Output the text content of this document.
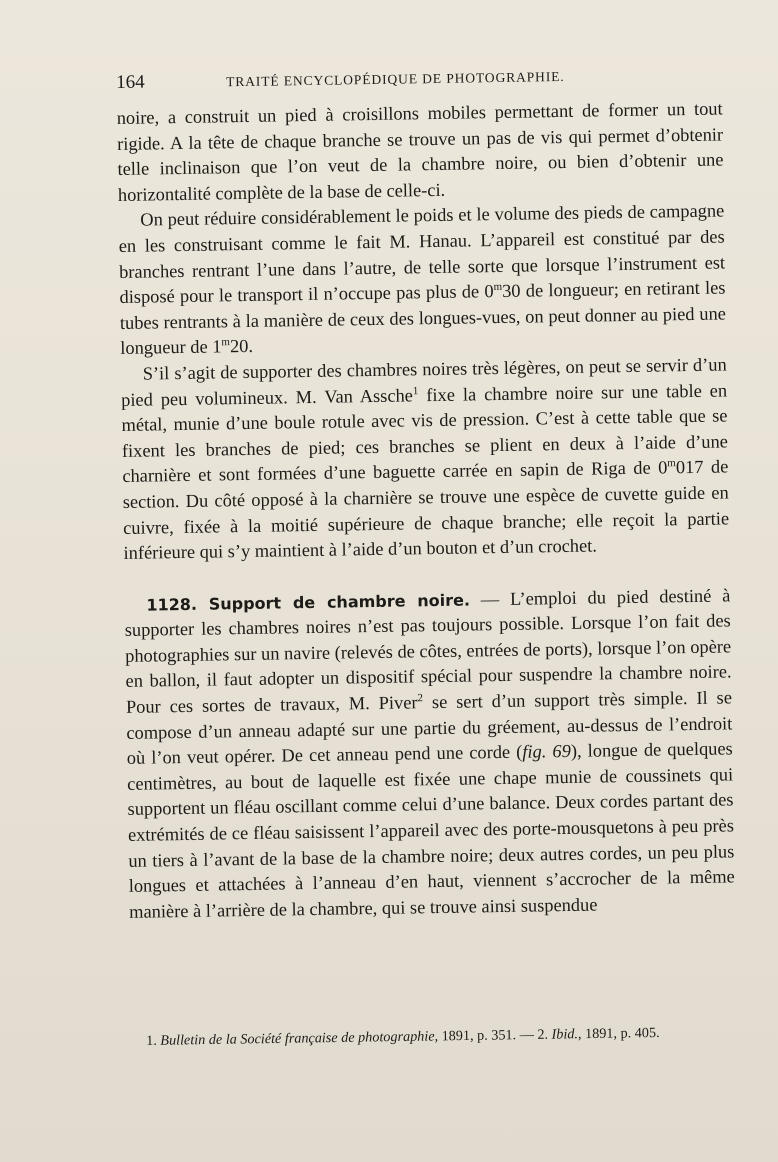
164	TRAITÉ ENCYCLOPÉDIQUE DE PHOTOGRAPHIE.

noire, a construit un pied à croisillons mobiles permettant de former un tout rigide. A la tête de chaque branche se trouve un pas de vis qui permet d’obtenir telle inclinaison que l’on veut de la chambre noire, ou bien d’obtenir une horizontalité complète de la base de celle-ci.

On peut réduire considérablement le poids et le volume des pieds de campagne en les construisant comme le fait M. Hanau. L’appareil est constitué par des branches rentrant l’une dans l’autre, de telle sorte que lorsque l’instrument est disposé pour le transport il n’occupe pas plus de 0$^m$30 de longueur; en retirant les tubes rentrants à la manière de ceux des longues-vues, on peut donner au pied une longueur de 1$^m$20.

S’il s’agit de supporter des chambres noires très légères, on peut se servir d’un pied peu volumineux. M. Van Assche$^1$ fixe la chambre noire sur une table en métal, munie d’une boule rotule avec vis de pression. C’est à cette table que se fixent les branches de pied; ces branches se plient en deux à l’aide d’une charnière et sont formées d’une baguette carrée en sapin de Riga de 0$^m$017 de section. Du côté opposé à la charnière se trouve une espèce de cuvette guide en cuivre, fixée à la moitié supérieure de chaque branche; elle reçoit la partie inférieure qui s’y maintient à l’aide d’un bouton et d’un crochet.

1128. Support de chambre noire. — L’emploi du pied destiné à supporter les chambres noires n’est pas toujours possible. Lorsque l’on fait des photographies sur un navire (relevés de côtes, entrées de ports), lorsque l’on opère en ballon, il faut adopter un dispositif spécial pour suspendre la chambre noire. Pour ces sortes de travaux, M. Piver$^2$ se sert d’un support très simple. Il se compose d’un anneau adapté sur une partie du gréement, au-dessus de l’endroit où l’on veut opérer. De cet anneau pend une corde (fig. 69), longue de quelques centimètres, au bout de laquelle est fixée une chape munie de coussinets qui supportent un fléau oscillant comme celui d’une balance. Deux cordes partant des extrémités de ce fléau saisissent l’appareil avec des porte-mousquetons à peu près un tiers à l’avant de la base de la chambre noire; deux autres cordes, un peu plus longues et attachées à l’anneau d’en haut, viennent s’accrocher de la même manière à l’arrière de la chambre, qui se trouve ainsi suspendue

1. Bulletin de la Société française de photographie, 1891, p. 351. — 2. Ibid., 1891, p. 405.
